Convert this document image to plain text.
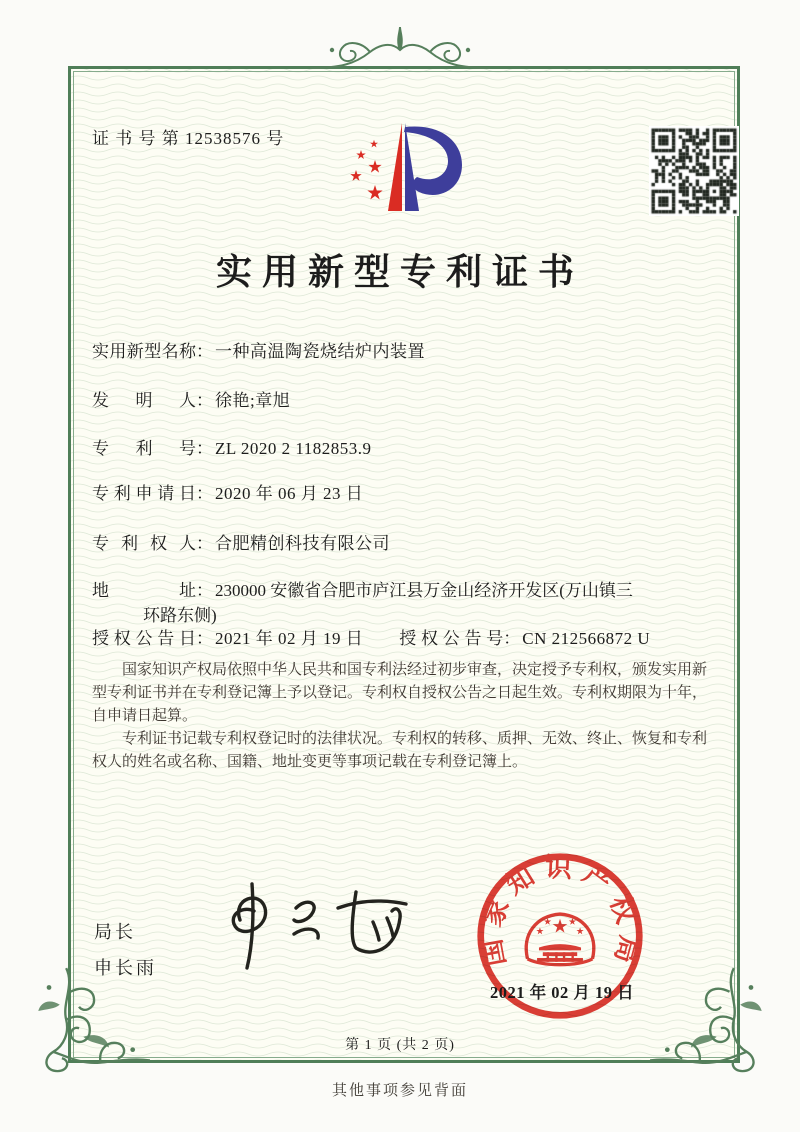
证 书 号 第 12538576 号
实用新型专利证书
实用新型名称： 一种高温陶瓷烧结炉内装置
发明人： 徐艳;章旭
专利号： ZL 2020 2 1182853.9
专利申请日： 2020 年 06 月 23 日
专利权人： 合肥精创科技有限公司
地址： 230000 安徽省合肥市庐江县万金山经济开发区(万山镇三
环路东侧)
授权公告日： 2021 年 02 月 19 日 授权公告号： CN 212566872 U

国家知识产权局依照中华人民共和国专利法经过初步审查，决定授予专利权，颁发实用新型专利证书并在专利登记簿上予以登记。专利权自授权公告之日起生效。专利权期限为十年，自申请日起算。

专利证书记载专利权登记时的法律状况。专利权的转移、质押、无效、终止、恢复和专利权人的姓名或名称、国籍、地址变更等事项记载在专利登记簿上。

局长
申长雨	国家知识产权局
2021 年 02 月 19 日
第 1 页 (共 2 页)
其他事项参见背面
